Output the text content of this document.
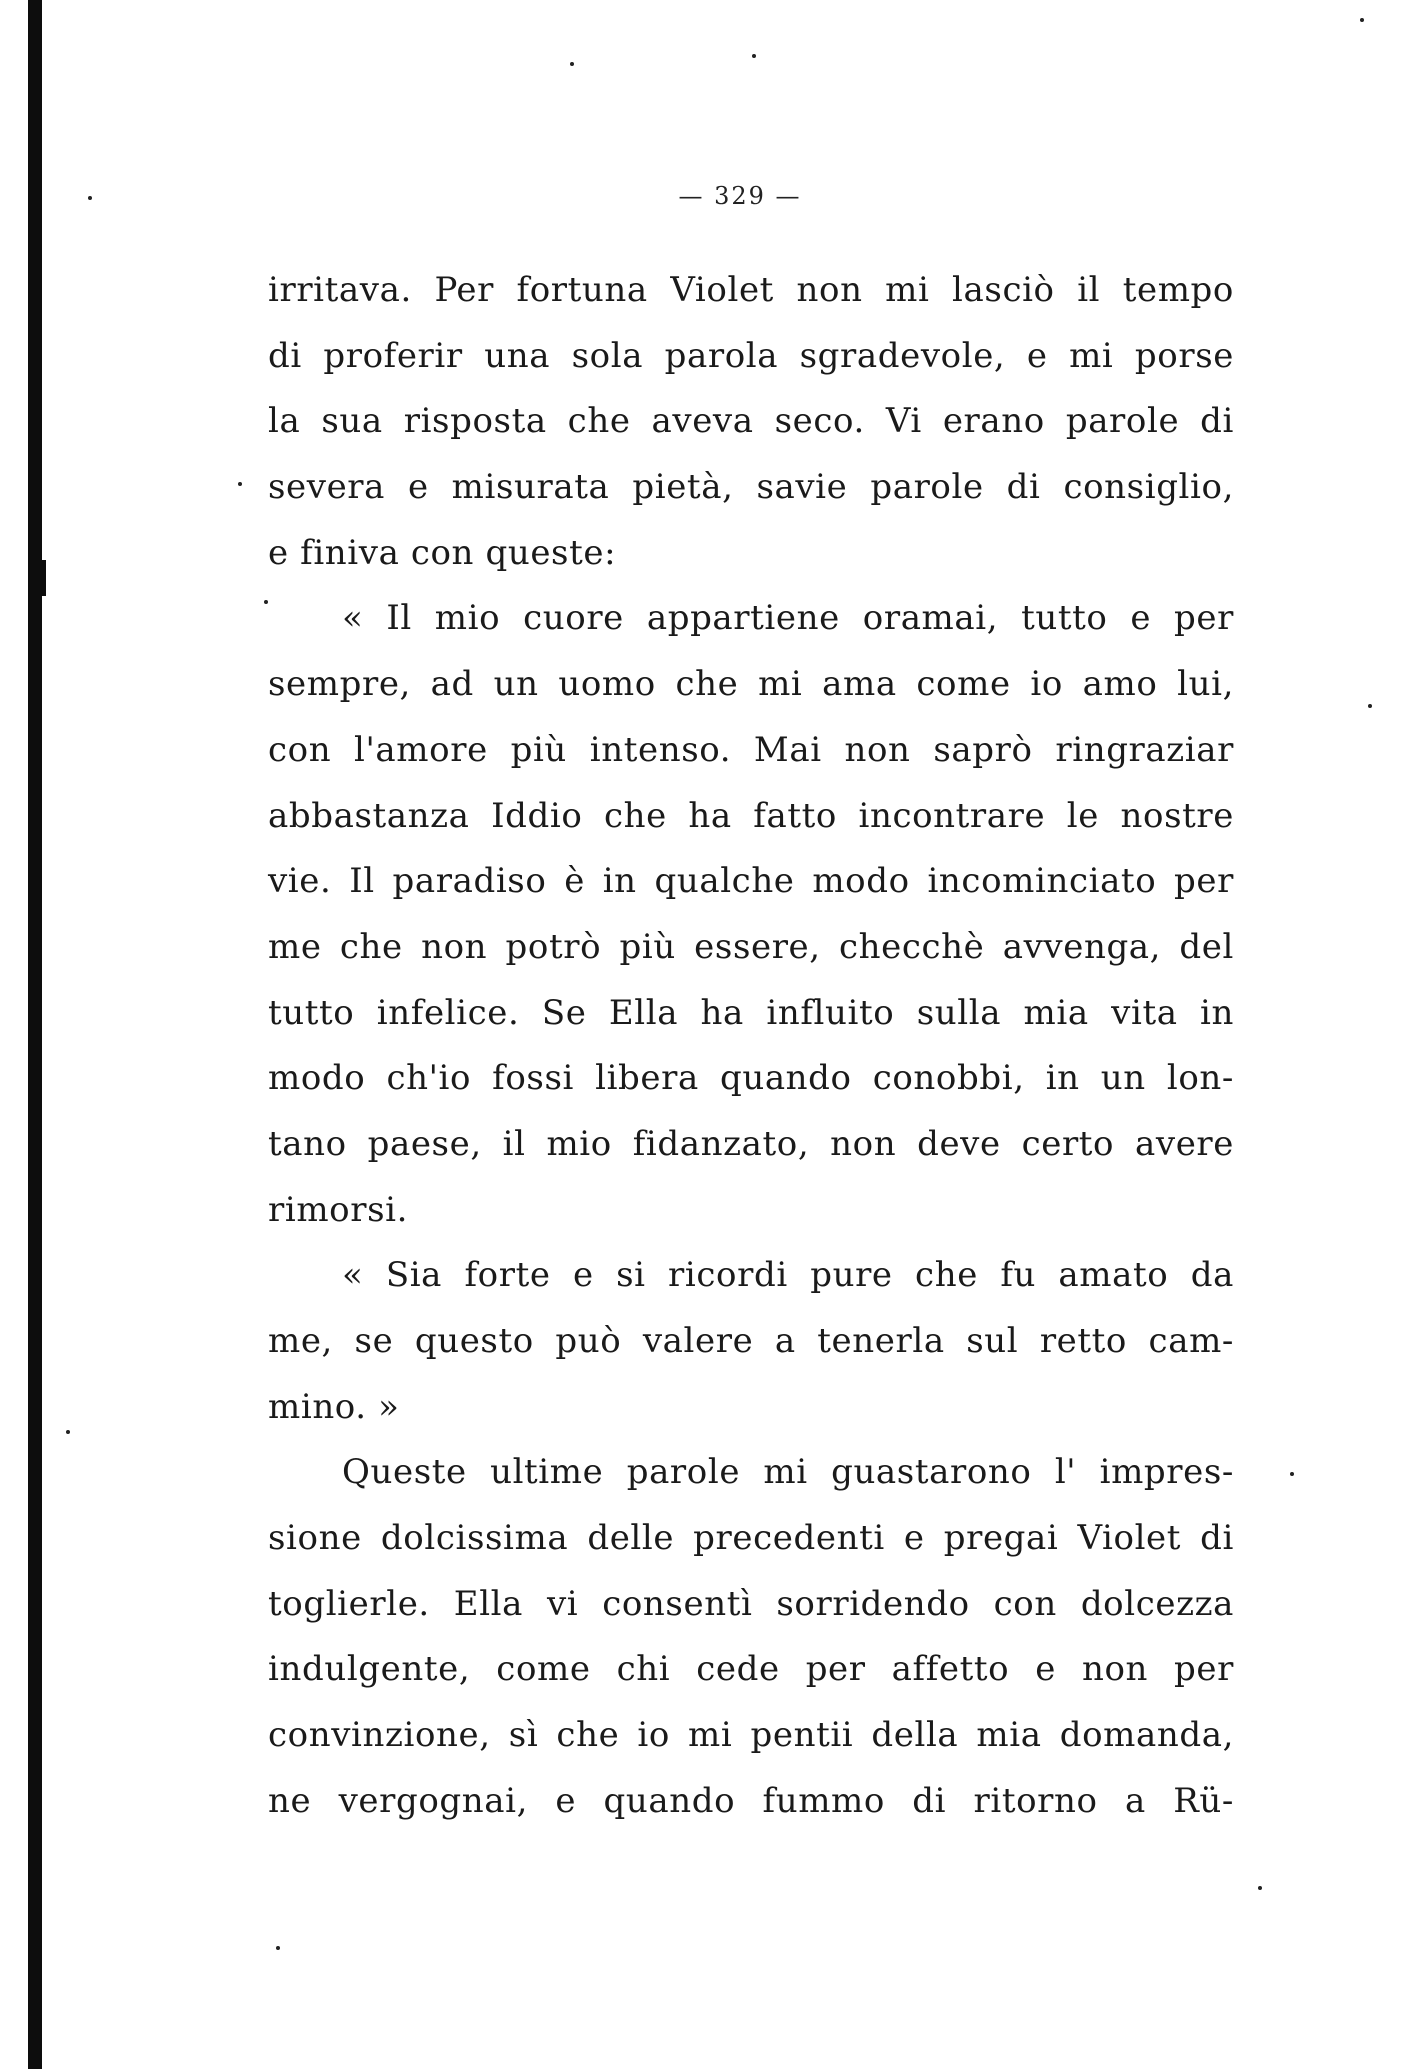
— 329 —
irritava. Per fortuna Violet non mi lasciò il tempo
di proferir una sola parola sgradevole, e mi porse
la sua risposta che aveva seco. Vi erano parole di
severa e misurata pietà, savie parole di consiglio,
e finiva con queste:
« Il mio cuore appartiene oramai, tutto e per
sempre, ad un uomo che mi ama come io amo lui,
con l'amore più intenso. Mai non saprò ringraziar
abbastanza Iddio che ha fatto incontrare le nostre
vie. Il paradiso è in qualche modo incominciato per
me che non potrò più essere, checchè avvenga, del
tutto infelice. Se Ella ha influito sulla mia vita in
modo ch'io fossi libera quando conobbi, in un lon-
tano paese, il mio fidanzato, non deve certo avere
rimorsi.
« Sia forte e si ricordi pure che fu amato da
me, se questo può valere a tenerla sul retto cam-
mino. »
Queste ultime parole mi guastarono l' impres-
sione dolcissima delle precedenti e pregai Violet di
toglierle. Ella vi consentì sorridendo con dolcezza
indulgente, come chi cede per affetto e non per
convinzione, sì che io mi pentii della mia domanda,
ne vergognai, e quando fummo di ritorno a Rü-
